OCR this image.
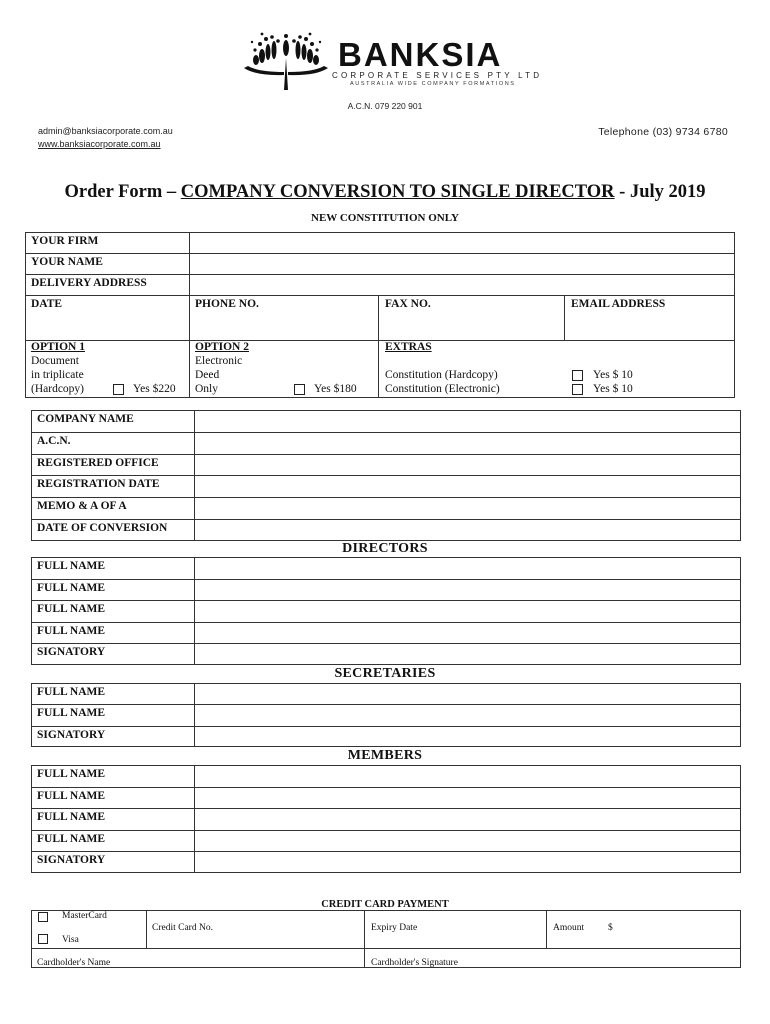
BANKSIA
CORPORATE SERVICES PTY LTD
AUSTRALIA WIDE COMPANY FORMATIONS
A.C.N. 079 220 901
admin@banksiacorporate.com.au
www.banksiacorporate.com.au
Telephone (03) 9734 6780
Order Form – COMPANY CONVERSION TO SINGLE DIRECTOR - July 2019
NEW CONSTITUTION ONLY
YOUR FIRM
YOUR NAME
DELIVERY ADDRESS
DATE	PHONE NO.	FAX NO.	EMAIL ADDRESS
OPTION 1
Document
in triplicate
(Hardcopy)	Yes $220
OPTION 2
Electronic
Deed
Only	Yes $180
EXTRAS
Constitution (Hardcopy)
Constitution (Electronic)
Yes $ 10
Yes $ 10
DIRECTORS
SECRETARIES
MEMBERS
COMPANY NAME
A.C.N.
REGISTERED OFFICE
REGISTRATION DATE
MEMO & A OF A
DATE OF CONVERSION
FULL NAME
FULL NAME
FULL NAME
FULL NAME
SIGNATORY
FULL NAME
FULL NAME
SIGNATORY
FULL NAME
FULL NAME
FULL NAME
FULL NAME
SIGNATORY
CREDIT CARD PAYMENT
MasterCard
Visa
Credit Card No.	Expiry Date	Amount	$
Cardholder's Name	Cardholder's Signature
